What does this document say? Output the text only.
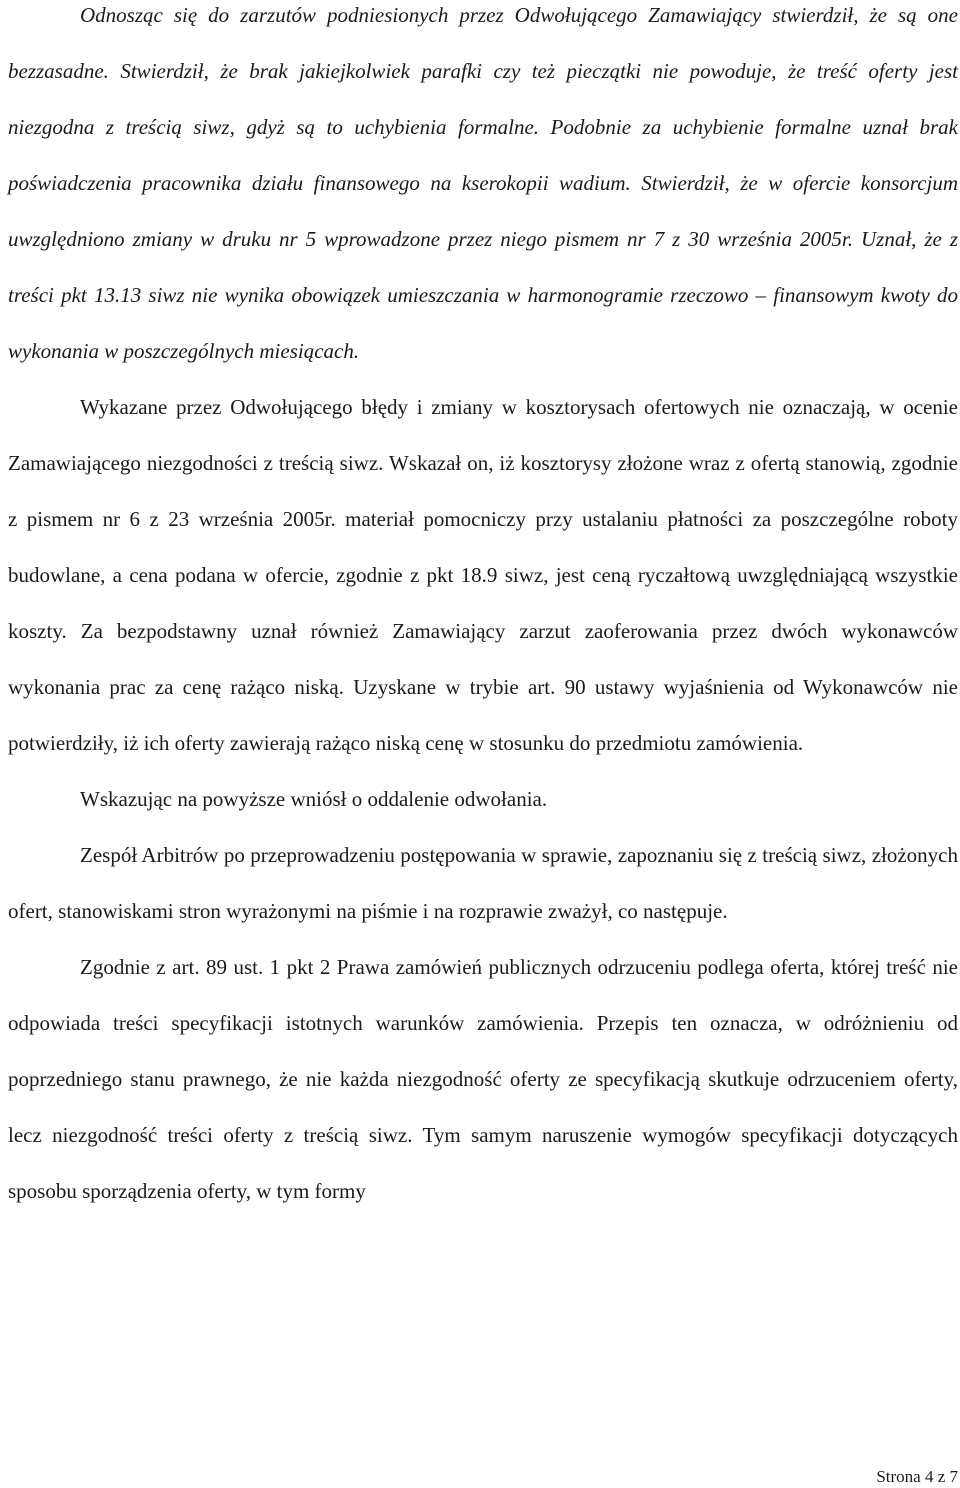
Odnosząc się do zarzutów podniesionych przez Odwołującego Zamawiający stwierdził, że są one bezzasadne. Stwierdził, że brak jakiejkolwiek parafki czy też pieczątki nie powoduje, że treść oferty jest niezgodna z treścią siwz, gdyż są to uchybienia formalne. Podobnie za uchybienie formalne uznał brak poświadczenia pracownika działu finansowego na kserokopii wadium. Stwierdził, że w ofercie konsorcjum uwzględniono zmiany w druku nr 5 wprowadzone przez niego pismem nr 7 z 30 września 2005r. Uznał, że z treści pkt 13.13 siwz nie wynika obowiązek umieszczania w harmonogramie rzeczowo – finansowym kwoty do wykonania w poszczególnych miesiącach.

Wykazane przez Odwołującego błędy i zmiany w kosztorysach ofertowych nie oznaczają, w ocenie Zamawiającego niezgodności z treścią siwz. Wskazał on, iż kosztorysy złożone wraz z ofertą stanowią, zgodnie z pismem nr 6 z 23 września 2005r. materiał pomocniczy przy ustalaniu płatności za poszczególne roboty budowlane, a cena podana w ofercie, zgodnie z pkt 18.9 siwz, jest ceną ryczałtową uwzględniającą wszystkie koszty. Za bezpodstawny uznał również Zamawiający zarzut zaoferowania przez dwóch wykonawców wykonania prac za cenę rażąco niską. Uzyskane w trybie art. 90 ustawy wyjaśnienia od Wykonawców nie potwierdziły, iż ich oferty zawierają rażąco niską cenę w stosunku do przedmiotu zamówienia.

Wskazując na powyższe wniósł o oddalenie odwołania.

Zespół Arbitrów po przeprowadzeniu postępowania w sprawie, zapoznaniu się z treścią siwz, złożonych ofert, stanowiskami stron wyrażonymi na piśmie i na rozprawie zważył, co następuje.

Zgodnie z art. 89 ust. 1 pkt 2 Prawa zamówień publicznych odrzuceniu podlega oferta, której treść nie odpowiada treści specyfikacji istotnych warunków zamówienia. Przepis ten oznacza, w odróżnieniu od poprzedniego stanu prawnego, że nie każda niezgodność oferty ze specyfikacją skutkuje odrzuceniem oferty, lecz niezgodność treści oferty z treścią siwz. Tym samym naruszenie wymogów specyfikacji dotyczących sposobu sporządzenia oferty, w tym formy

Strona 4 z 7
